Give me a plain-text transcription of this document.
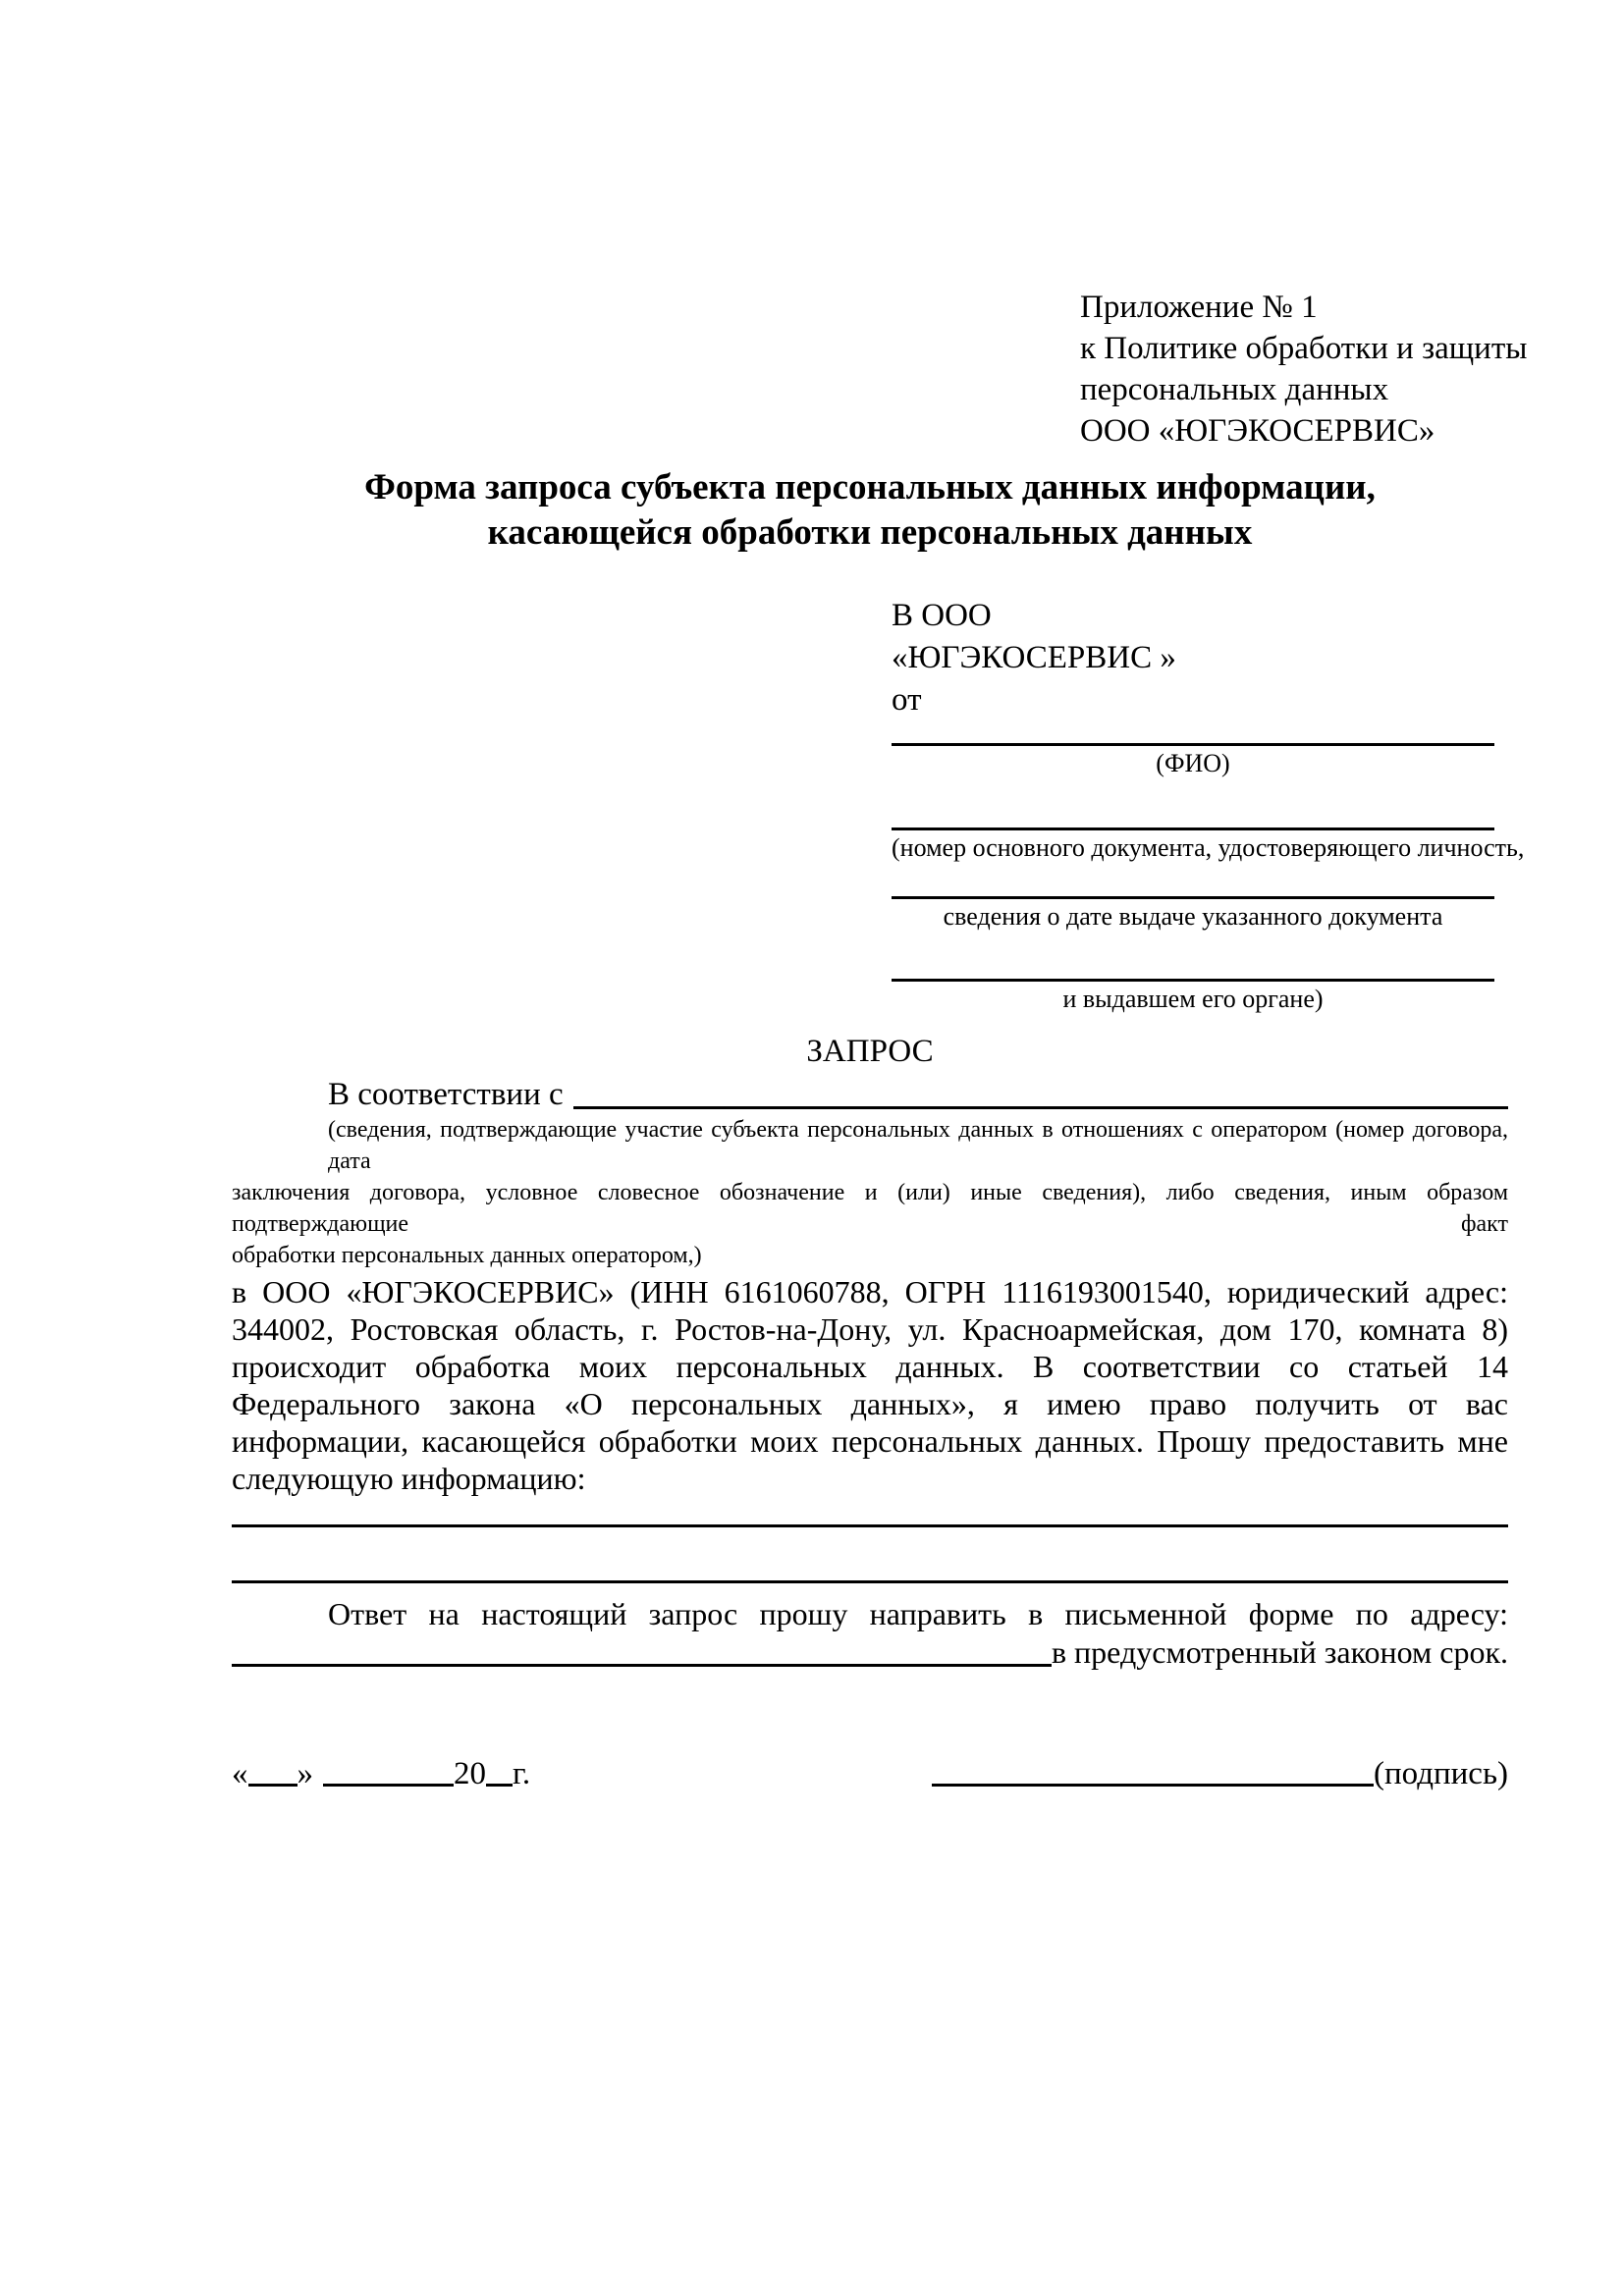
Приложение № 1
к Политике обработки и защиты
персональных данных
ООО «ЮГЭКОСЕРВИС»
Форма запроса субъекта персональных данных информации,
касающейся обработки персональных данных
В ООО
«ЮГЭКОСЕРВИС »
от
(ФИО)
(номер основного документа, удостоверяющего личность,
сведения о дате выдаче указанного документа
и выдавшем его органе)
ЗАПРОС
В соответствии с
(сведения, подтверждающие участие субъекта персональных данных в отношениях с оператором (номер договора, дата
заключения договора, условное словесное обозначение и (или) иные сведения), либо сведения, иным образом подтверждающие факт
обработки персональных данных оператором,)
в ООО «ЮГЭКОСЕРВИС» (ИНН 6161060788, ОГРН 1116193001540, юридический адрес:
344002, Ростовская область, г. Ростов-на-Дону, ул. Красноармейская, дом 170, комната 8)
происходит обработка моих персональных данных. В соответствии со статьей 14
Федерального закона «О персональных данных», я имею право получить от вас
информации, касающейся обработки моих персональных данных. Прошу предоставить мне
следующую информацию:
Ответ на настоящий запрос прошу направить в письменной форме по адресу:
в предусмотренный законом срок.
« »	20 г.	(подпись)
